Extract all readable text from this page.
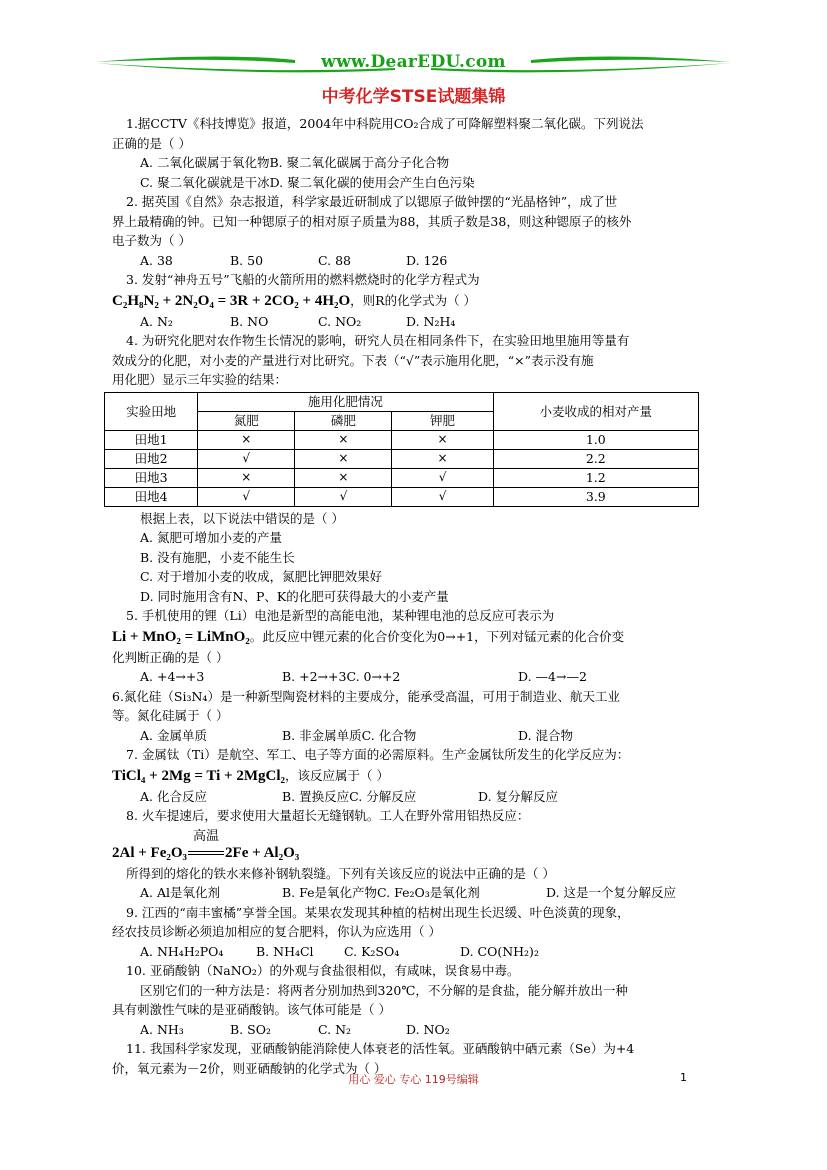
www.DearEDU.com
中考化学STSE试题集锦

1.据CCTV《科技博览》报道，2004年中科院用CO₂合成了可降解塑料聚二氧化碳。下列说法

正确的是（ ）

A. 二氧化碳属于氧化物B. 聚二氧化碳属于高分子化合物

C. 聚二氧化碳就是干冰D. 聚二氧化碳的使用会产生白色污染

2. 据英国《自然》杂志报道，科学家最近研制成了以锶原子做钟摆的“光晶格钟”，成了世

界上最精确的钟。已知一种锶原子的相对原子质量为88，其质子数是38，则这种锶原子的核外

电子数为（ ）

A. 38	B. 50	C. 88	D. 126

3. 发射“神舟五号”飞船的火箭所用的燃料燃烧时的化学方程式为

C₂H₈N₂ + 2N₂O₄ = 3R + 2CO₂ + 4H₂O，则R的化学式为（ ）

A. N₂	B. NO	C. NO₂	D. N₂H₄

4. 为研究化肥对农作物生长情况的影响，研究人员在相同条件下，在实验田地里施用等量有

效成分的化肥，对小麦的产量进行对比研究。下表（“√”表示施用化肥，“×”表示没有施

用化肥）显示三年实验的结果：

实验田地	施用化肥情况			小麦收成的相对产量
	氮肥	磷肥	钾肥	
田地1	×	×	×	1.0
田地2	√	×	×	2.2
田地3	×	×	√	1.2
田地4	√	√	√	3.9

根据上表，以下说法中错误的是（ ）

A. 氮肥可增加小麦的产量

B. 没有施肥，小麦不能生长

C. 对于增加小麦的收成，氮肥比钾肥效果好

D. 同时施用含有N、P、K的化肥可获得最大的小麦产量

5. 手机使用的锂（Li）电池是新型的高能电池，某种锂电池的总反应可表示为

Li + MnO₂ = LiMnO₂。此反应中锂元素的化合价变化为0→+1，下列对锰元素的化合价变

化判断正确的是（ ）

A. +4→+3	B. +2→+3C. 0→+2	D. —4→—2

6.氮化硅（Si₃N₄）是一种新型陶瓷材料的主要成分，能承受高温，可用于制造业、航天工业

等。氮化硅属于（ ）

A. 金属单质	B. 非金属单质C. 化合物	D. 混合物

7. 金属钛（Ti）是航空、军工、电子等方面的必需原料。生产金属钛所发生的化学反应为：

TiCl₄ + 2Mg = Ti + 2MgCl₂，该反应属于（ ）

A. 化合反应	B. 置换反应C. 分解反应	D. 复分解反应

8. 火车提速后，要求使用大量超长无缝钢轨。工人在野外常用铝热反应：

2Al + Fe₂O₃
高温
2Fe + Al₂O₃

所得到的熔化的铁水来修补钢轨裂缝。下列有关该反应的说法中正确的是（ ）

A. Al是氧化剂	B. Fe是氧化产物C. Fe₂O₃是氧化剂	D. 这是一个复分解反应

9. 江西的“南丰蜜橘”享誉全国。某果农发现其种植的桔树出现生长迟缓、叶色淡黄的现象，

经农技员诊断必须追加相应的复合肥料，你认为应选用（ ）

A. NH₄H₂PO₄	B. NH₄Cl	C. K₂SO₄	D. CO(NH₂)₂

10. 亚硝酸钠（NaNO₂）的外观与食盐很相似，有咸味，误食易中毒。

区别它们的一种方法是：将两者分别加热到320℃，不分解的是食盐，能分解并放出一种

具有刺激性气味的是亚硝酸钠。该气体可能是（ ）

A. NH₃	B. SO₂	C. N₂	D. NO₂

11. 我国科学家发现，亚硒酸钠能消除使人体衰老的活性氧。亚硒酸钠中硒元素（Se）为+4

价，氧元素为－2价，则亚硒酸钠的化学式为（ ）

用心 爱心 专心 119号编辑	1
